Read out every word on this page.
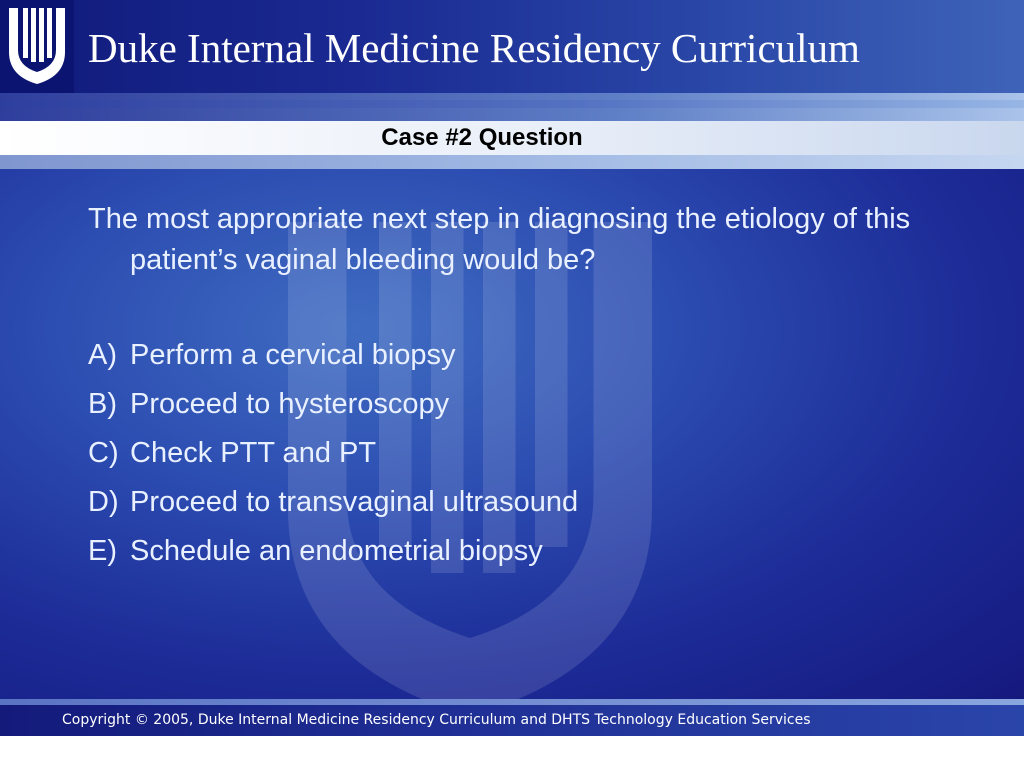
Duke Internal Medicine Residency Curriculum
Case #2 Question
The most appropriate next step in diagnosing the etiology of this patient’s vaginal bleeding would be?
A) Perform a cervical biopsy
B) Proceed to hysteroscopy
C) Check PTT and PT
D) Proceed to transvaginal ultrasound
E) Schedule an endometrial biopsy
Copyright © 2005, Duke Internal Medicine Residency Curriculum and DHTS Technology Education Services
